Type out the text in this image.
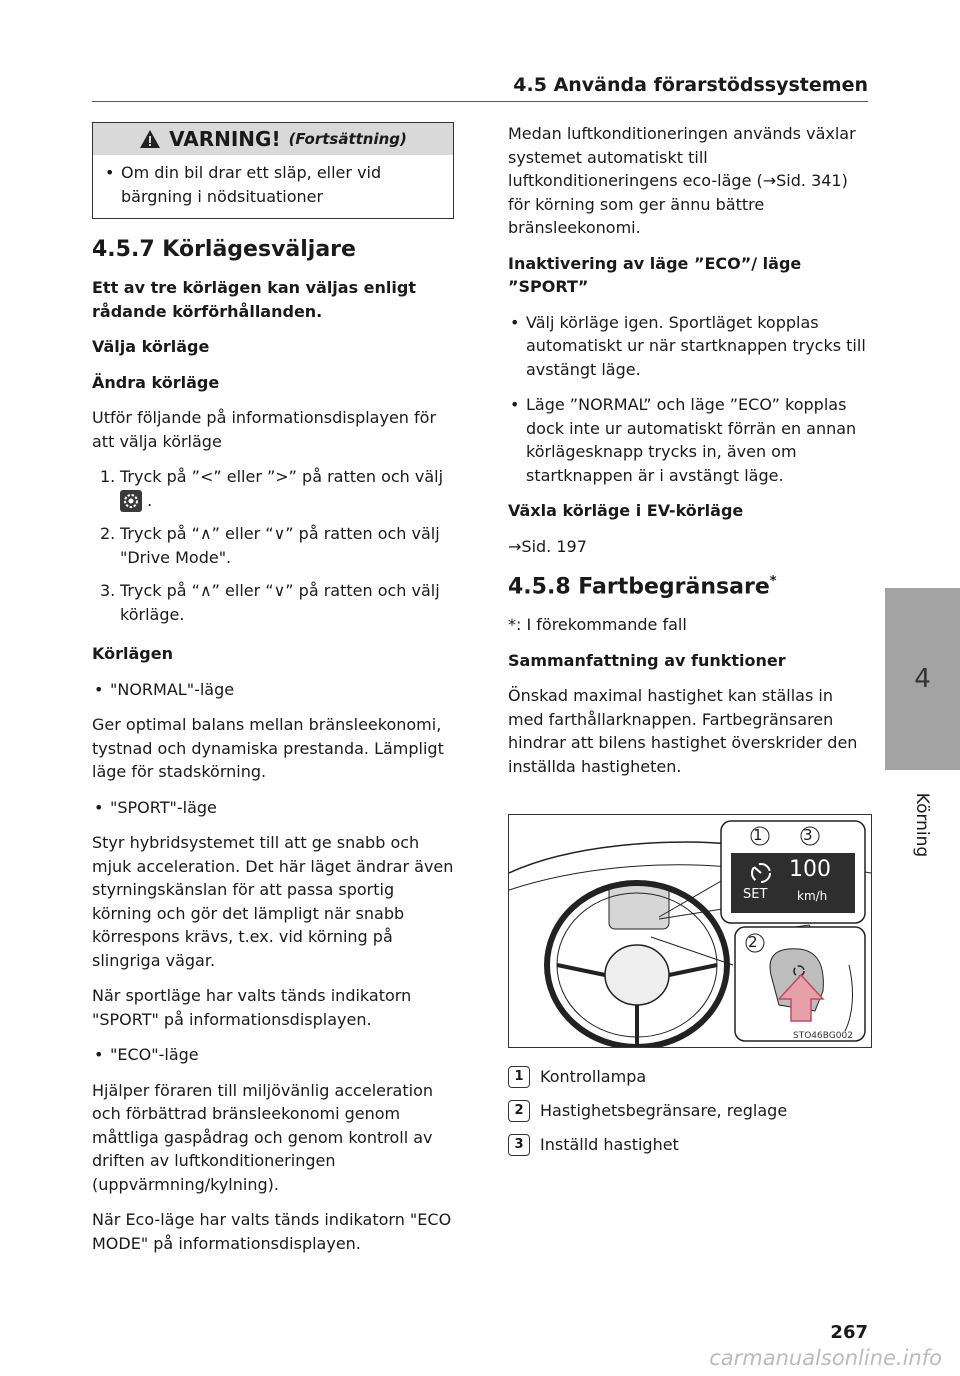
4.5 Använda förarstödssystemen
VARNING! (Fortsättning)
• Om din bil drar ett släp, eller vid bärgning i nödsituationer
4.5.7 Körlägesväljare

Ett av tre körlägen kan väljas enligt rådande körförhållanden.

Välja körläge

Ändra körläge

Utför följande på informationsdisplayen för att välja körläge

1. Tryck på ”<” eller ”>” på ratten och välj
.
2. Tryck på “∧” eller “∨” på ratten och välj "Drive Mode".
3. Tryck på “∧” eller “∨” på ratten och välj körläge.

Körlägen

• "NORMAL"-läge

Ger optimal balans mellan bränsleekonomi, tystnad och dynamiska prestanda. Lämpligt läge för stadskörning.

• "SPORT"-läge

Styr hybridsystemet till att ge snabb och mjuk acceleration. Det här läget ändrar även styrningskänslan för att passa sportig körning och gör det lämpligt när snabb körrespons krävs, t.ex. vid körning på slingriga vägar.

När sportläge har valts tänds indikatorn "SPORT" på informationsdisplayen.

• "ECO"-läge

Hjälper föraren till miljövänlig acceleration och förbättrad bränsleekonomi genom måttliga gaspådrag och genom kontroll av driften av luftkonditioneringen (uppvärmning/kylning).

När Eco-läge har valts tänds indikatorn "ECO MODE" på informationsdisplayen.

Medan luftkonditioneringen används växlar systemet automatiskt till luftkonditioneringens eco-läge (→Sid. 341) för körning som ger ännu bättre bränsleekonomi.

Inaktivering av läge ”ECO”/ läge ”SPORT”

• Välj körläge igen. Sportläget kopplas automatiskt ur när startknappen trycks till avstängt läge.
• Läge ”NORMAL” och läge ”ECO” kopplas dock inte ur automatiskt förrän en annan körlägesknapp trycks in, även om startknappen är i avstängt läge.

Växla körläge i EV-körläge

→Sid. 197

4.5.8 Fartbegränsare*

*: I förekommande fall

Sammanfattning av funktioner

Önskad maximal hastighet kan ställas in med farthållarknappen. Fartbegränsaren hindrar att bilens hastighet överskrider den inställda hastigheten.

1	3
2
100
SET km/h
STO46BG002
1	Kontrollampa
2	Hastighetsbegränsare, reglage
3	Inställd hastighet
4
Körning
267
carmanualsonline.info
